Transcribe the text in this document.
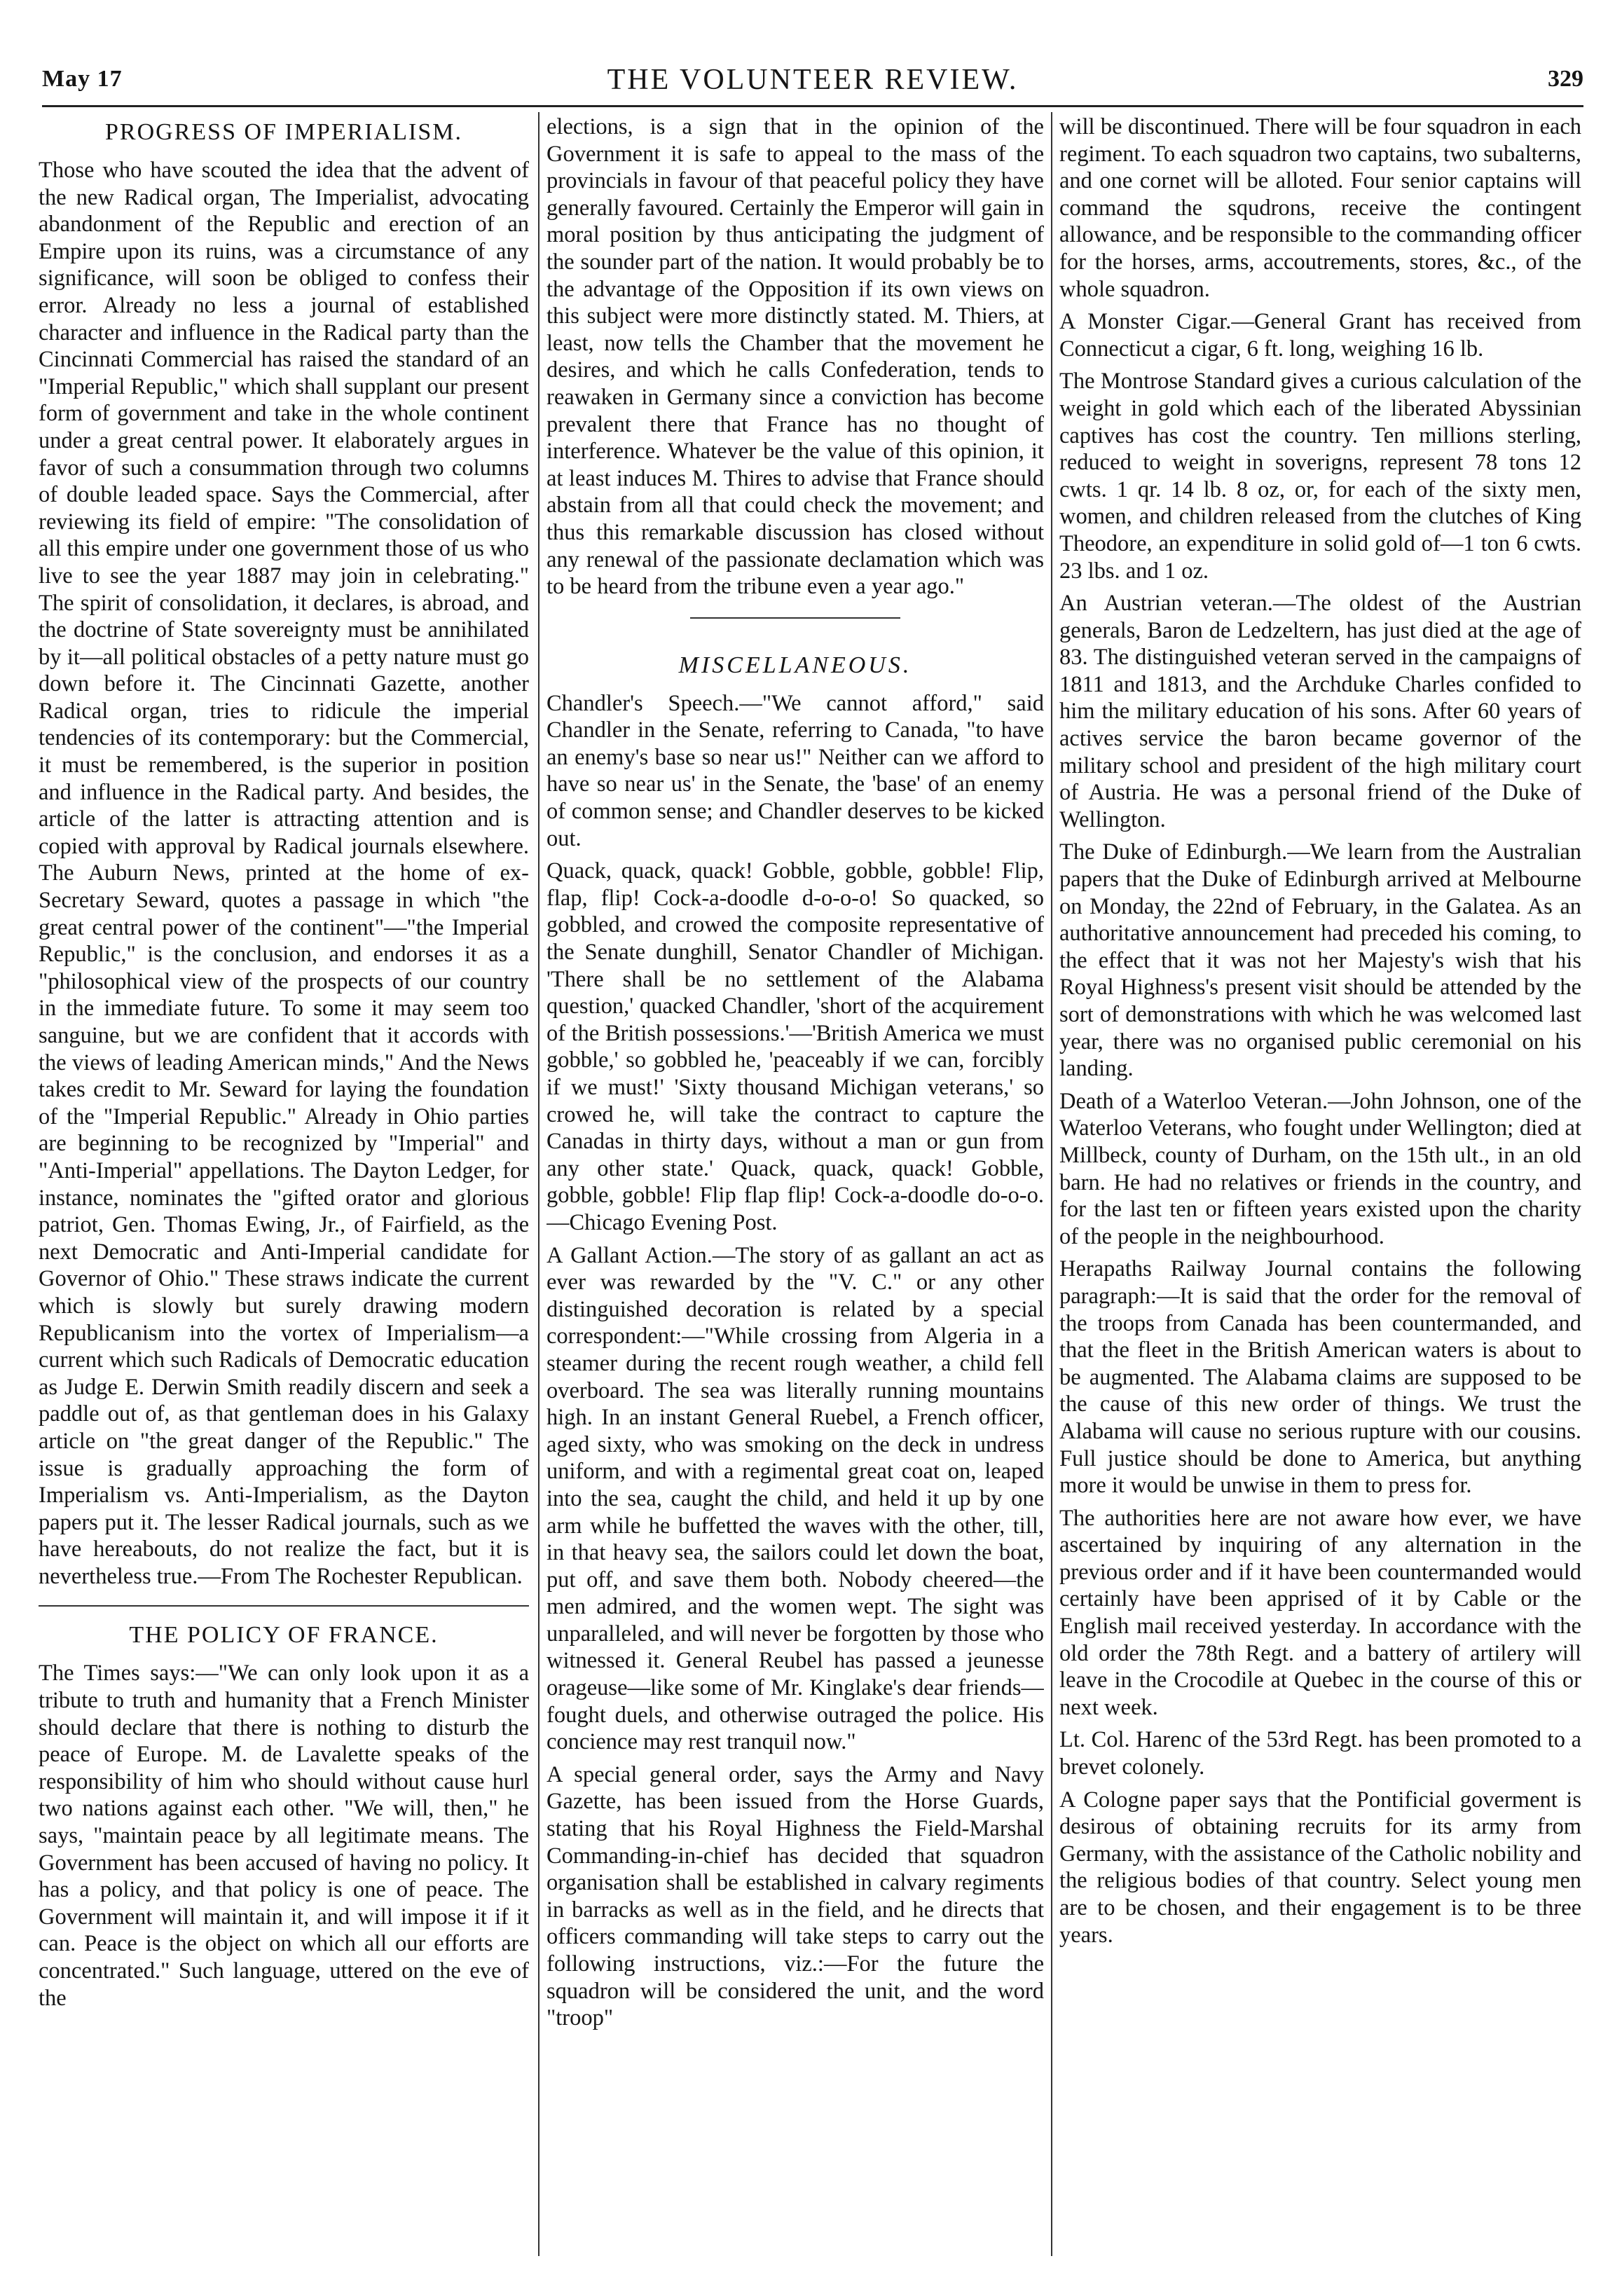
May 17	THE VOLUNTEER REVIEW.	329
PROGRESS OF IMPERIALISM.

Those who have scouted the idea that the advent of the new Radical organ, The Imperialist, advocating abandonment of the Republic and erection of an Empire upon its ruins, was a circumstance of any significance, will soon be obliged to confess their error. Already no less a journal of established character and influence in the Radical party than the Cincinnati Commercial has raised the standard of an "Imperial Republic," which shall supplant our present form of government and take in the whole continent under a great central power. It elaborately argues in favor of such a consummation through two columns of double leaded space. Says the Commercial, after reviewing its field of empire: "The consolidation of all this empire under one government those of us who live to see the year 1887 may join in celebrating." The spirit of consolidation, it declares, is abroad, and the doctrine of State sovereignty must be annihilated by it—all political obstacles of a petty nature must go down before it. The Cincinnati Gazette, another Radical organ, tries to ridicule the imperial tendencies of its contemporary: but the Commercial, it must be remembered, is the superior in position and influence in the Radical party. And besides, the article of the latter is attracting attention and is copied with approval by Radical journals elsewhere. The Auburn News, printed at the home of ex-Secretary Seward, quotes a passage in which "the great central power of the continent"—"the Imperial Republic," is the conclusion, and endorses it as a "philosophical view of the prospects of our country in the immediate future. To some it may seem too sanguine, but we are confident that it accords with the views of leading American minds," And the News takes credit to Mr. Seward for laying the foundation of the "Imperial Republic." Already in Ohio parties are beginning to be recognized by "Imperial" and "Anti-Imperial" appellations. The Dayton Ledger, for instance, nominates the "gifted orator and glorious patriot, Gen. Thomas Ewing, Jr., of Fairfield, as the next Democratic and Anti-Imperial candidate for Governor of Ohio." These straws indicate the current which is slowly but surely drawing modern Republicanism into the vortex of Imperialism—a current which such Radicals of Democratic education as Judge E. Derwin Smith readily discern and seek a paddle out of, as that gentleman does in his Galaxy article on "the great danger of the Republic." The issue is gradually approaching the form of Imperialism vs. Anti-Imperialism, as the Dayton papers put it. The lesser Radical journals, such as we have hereabouts, do not realize the fact, but it is nevertheless true.—From The Rochester Republican.

THE POLICY OF FRANCE.

The Times says:—"We can only look upon it as a tribute to truth and humanity that a French Minister should declare that there is nothing to disturb the peace of Europe. M. de Lavalette speaks of the responsibility of him who should without cause hurl two nations against each other. "We will, then," he says, "maintain peace by all legitimate means. The Government has been accused of having no policy. It has a policy, and that policy is one of peace. The Government will maintain it, and will impose it if it can. Peace is the object on which all our efforts are concentrated." Such language, uttered on the eve of the

elections, is a sign that in the opinion of the Government it is safe to appeal to the mass of the provincials in favour of that peaceful policy they have generally favoured. Certainly the Emperor will gain in moral position by thus anticipating the judgment of the sounder part of the nation. It would probably be to the advantage of the Opposition if its own views on this subject were more distinctly stated. M. Thiers, at least, now tells the Chamber that the movement he desires, and which he calls Confederation, tends to reawaken in Germany since a conviction has become prevalent there that France has no thought of interference. Whatever be the value of this opinion, it at least induces M. Thires to advise that France should abstain from all that could check the movement; and thus this remarkable discussion has closed without any renewal of the passionate declamation which was to be heard from the tribune even a year ago."

MISCELLANEOUS.

Chandler's Speech.—"We cannot afford," said Chandler in the Senate, referring to Canada, "to have an enemy's base so near us!" Neither can we afford to have so near us' in the Senate, the 'base' of an enemy of common sense; and Chandler deserves to be kicked out.

Quack, quack, quack! Gobble, gobble, gobble! Flip, flap, flip! Cock-a-doodle d-o-o-o! So quacked, so gobbled, and crowed the composite representative of the Senate dunghill, Senator Chandler of Michigan. 'There shall be no settlement of the Alabama question,' quacked Chandler, 'short of the acquirement of the British possessions.'—'British America we must gobble,' so gobbled he, 'peaceably if we can, forcibly if we must!' 'Sixty thousand Michigan veterans,' so crowed he, will take the contract to capture the Canadas in thirty days, without a man or gun from any other state.' Quack, quack, quack! Gobble, gobble, gobble! Flip flap flip! Cock-a-doodle do-o-o.—Chicago Evening Post.

A Gallant Action.—The story of as gallant an act as ever was rewarded by the "V. C." or any other distinguished decoration is related by a special correspondent:—"While crossing from Algeria in a steamer during the recent rough weather, a child fell overboard. The sea was literally running mountains high. In an instant General Ruebel, a French officer, aged sixty, who was smoking on the deck in undress uniform, and with a regimental great coat on, leaped into the sea, caught the child, and held it up by one arm while he buffetted the waves with the other, till, in that heavy sea, the sailors could let down the boat, put off, and save them both. Nobody cheered—the men admired, and the women wept. The sight was unparalleled, and will never be forgotten by those who witnessed it. General Reubel has passed a jeunesse orageuse—like some of Mr. Kinglake's dear friends—fought duels, and otherwise outraged the police. His concience may rest tranquil now."

A special general order, says the Army and Navy Gazette, has been issued from the Horse Guards, stating that his Royal Highness the Field-Marshal Commanding-in-chief has decided that squadron organisation shall be established in calvary regiments in barracks as well as in the field, and he directs that officers commanding will take steps to carry out the following instructions, viz.:—For the future the squadron will be considered the unit, and the word "troop"

will be discontinued. There will be four squadron in each regiment. To each squadron two captains, two subalterns, and one cornet will be alloted. Four senior captains will command the squdrons, receive the contingent allowance, and be responsible to the commanding officer for the horses, arms, accoutrements, stores, &c., of the whole squadron.

A Monster Cigar.—General Grant has received from Connecticut a cigar, 6 ft. long, weighing 16 lb.

The Montrose Standard gives a curious calculation of the weight in gold which each of the liberated Abyssinian captives has cost the country. Ten millions sterling, reduced to weight in soverigns, represent 78 tons 12 cwts. 1 qr. 14 lb. 8 oz, or, for each of the sixty men, women, and children released from the clutches of King Theodore, an expenditure in solid gold of—1 ton 6 cwts. 23 lbs. and 1 oz.

An Austrian veteran.—The oldest of the Austrian generals, Baron de Ledzeltern, has just died at the age of 83. The distinguished veteran served in the campaigns of 1811 and 1813, and the Archduke Charles confided to him the military education of his sons. After 60 years of actives service the baron became governor of the military school and president of the high military court of Austria. He was a personal friend of the Duke of Wellington.

The Duke of Edinburgh.—We learn from the Australian papers that the Duke of Edinburgh arrived at Melbourne on Monday, the 22nd of February, in the Galatea. As an authoritative announcement had preceded his coming, to the effect that it was not her Majesty's wish that his Royal Highness's present visit should be attended by the sort of demonstrations with which he was welcomed last year, there was no organised public ceremonial on his landing.

Death of a Waterloo Veteran.—John Johnson, one of the Waterloo Veterans, who fought under Wellington; died at Millbeck, county of Durham, on the 15th ult., in an old barn. He had no relatives or friends in the country, and for the last ten or fifteen years existed upon the charity of the people in the neighbourhood.

Herapaths Railway Journal contains the following paragraph:—It is said that the order for the removal of the troops from Canada has been countermanded, and that the fleet in the British American waters is about to be augmented. The Alabama claims are supposed to be the cause of this new order of things. We trust the Alabama will cause no serious rupture with our cousins. Full justice should be done to America, but anything more it would be unwise in them to press for.

The authorities here are not aware how ever, we have ascertained by inquiring of any alternation in the previous order and if it have been countermanded would certainly have been apprised of it by Cable or the English mail received yesterday. In accordance with the old order the 78th Regt. and a battery of artilery will leave in the Crocodile at Quebec in the course of this or next week.

Lt. Col. Harenc of the 53rd Regt. has been promoted to a brevet colonely.

A Cologne paper says that the Pontificial goverment is desirous of obtaining recruits for its army from Germany, with the assistance of the Catholic nobility and the religious bodies of that country. Select young men are to be chosen, and their engagement is to be three years.
